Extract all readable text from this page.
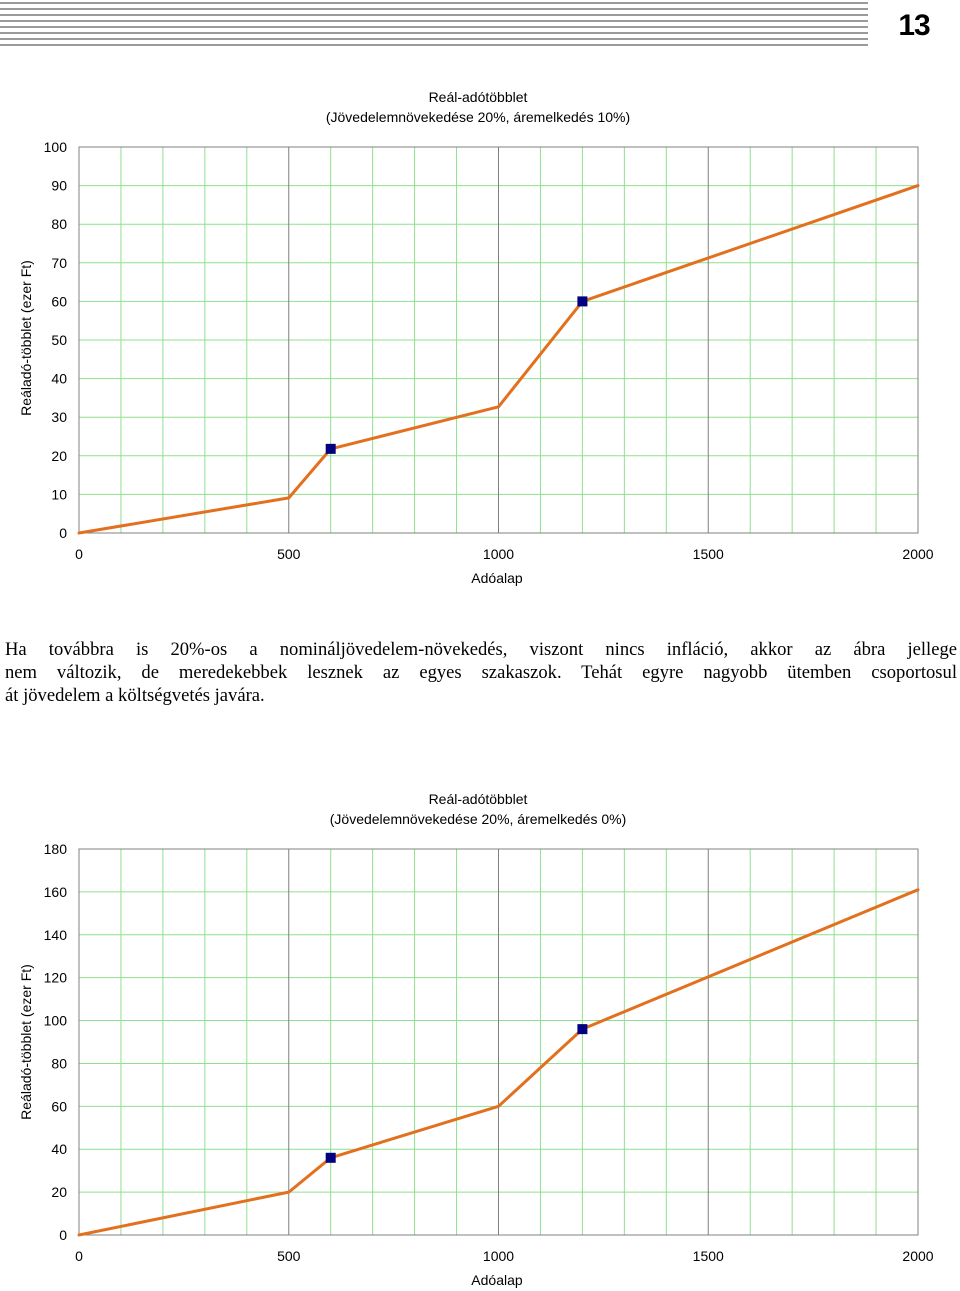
13
0
10
20
30
40
50
60
70
80
90
100
0	500	1000	1500	2000
Reál-adótöbblet
(Jövedelemnövekedése 20%, áremelkedés 10%)
Adóalap
Reáladó-többlet (ezer Ft)
Ha továbbra is 20%-os a nomináljövedelem-növekedés, viszont nincs infláció, akkor az ábra jellege
nem változik, de meredekebbek lesznek az egyes szakaszok. Tehát egyre nagyobb ütemben csoportosul
át jövedelem a költségvetés javára.
0
20
40
60
80
100
120
140
160
180
0	500	1000	1500	2000
Reál-adótöbblet
(Jövedelemnövekedése 20%, áremelkedés 0%)
Adóalap
Reáladó-többlet (ezer Ft)
